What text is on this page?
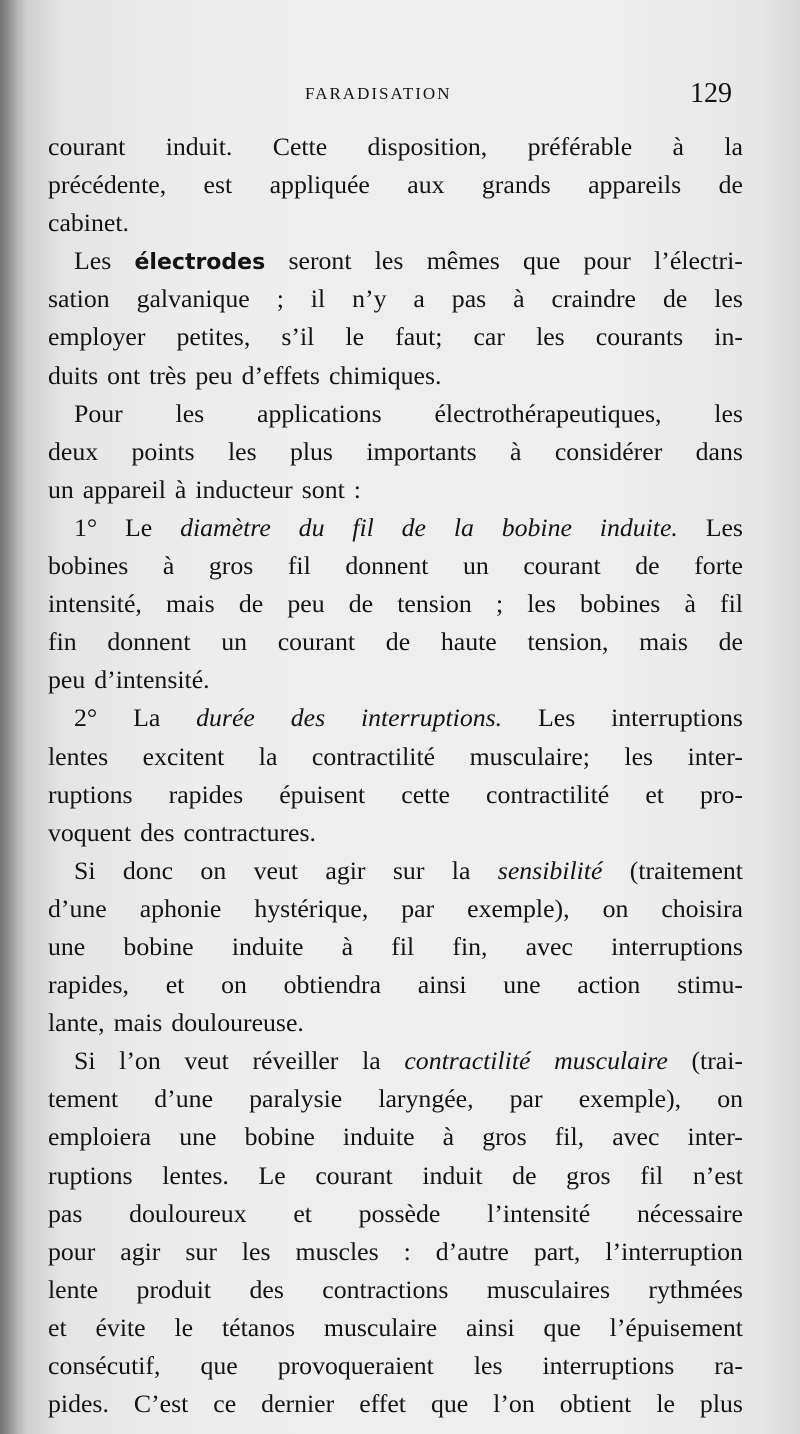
FARADISATION	129
courant induit. Cette disposition, préférable à la
précédente, est appliquée aux grands appareils de
cabinet.
Les électrodes seront les mêmes que pour l’électri-
sation galvanique ; il n’y a pas à craindre de les
employer petites, s’il le faut; car les courants in-
duits ont très peu d’effets chimiques.
Pour les applications électrothérapeutiques, les
deux points les plus importants à considérer dans
un appareil à inducteur sont :
1° Le diamètre du fil de la bobine induite. Les
bobines à gros fil donnent un courant de forte
intensité, mais de peu de tension ; les bobines à fil
fin donnent un courant de haute tension, mais de
peu d’intensité.
2° La durée des interruptions. Les interruptions
lentes excitent la contractilité musculaire; les inter-
ruptions rapides épuisent cette contractilité et pro-
voquent des contractures.
Si donc on veut agir sur la sensibilité (traitement
d’une aphonie hystérique, par exemple), on choisira
une bobine induite à fil fin, avec interruptions
rapides, et on obtiendra ainsi une action stimu-
lante, mais douloureuse.
Si l’on veut réveiller la contractilité musculaire (trai-
tement d’une paralysie laryngée, par exemple), on
emploiera une bobine induite à gros fil, avec inter-
ruptions lentes. Le courant induit de gros fil n’est
pas douloureux et possède l’intensité nécessaire
pour agir sur les muscles : d’autre part, l’interruption
lente produit des contractions musculaires rythmées
et évite le tétanos musculaire ainsi que l’épuisement
consécutif, que provoqueraient les interruptions ra-
pides. C’est ce dernier effet que l’on obtient le plus
